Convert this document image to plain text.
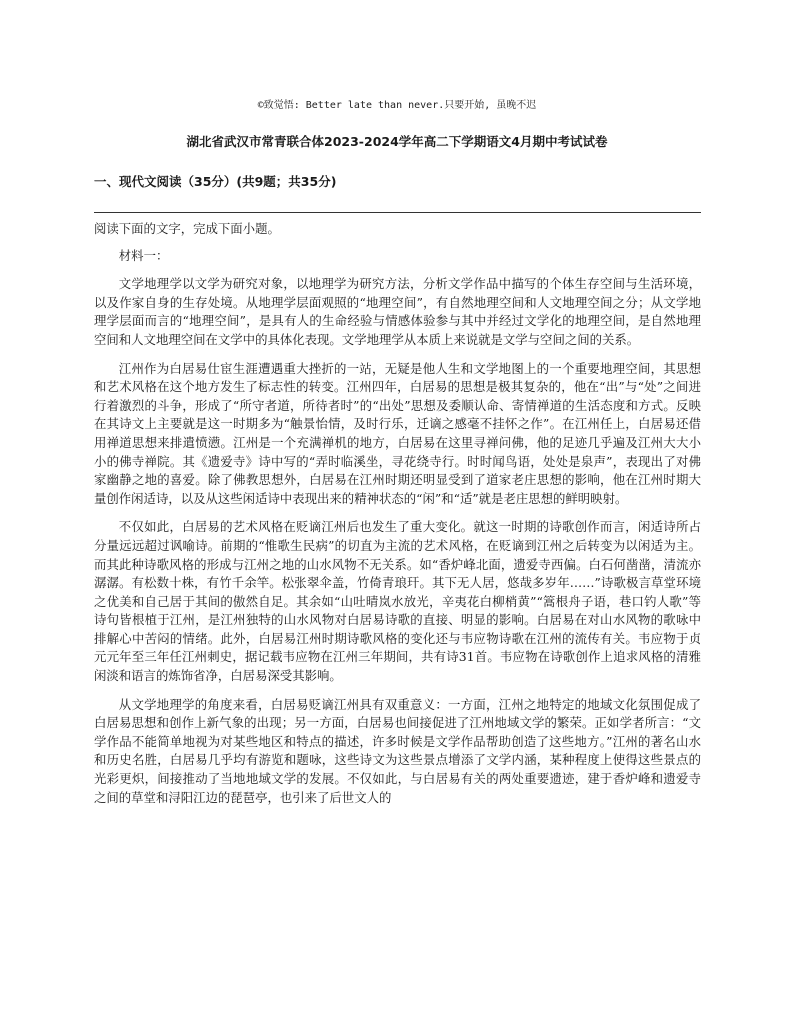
©致觉悟: Better late than never.只要开始, 虽晚不迟
湖北省武汉市常青联合体2023-2024学年高二下学期语文4月期中考试试卷
一、现代文阅读（35分）(共9题；共35分)

阅读下面的文字，完成下面小题。

材料一：

文学地理学以文学为研究对象，以地理学为研究方法，分析文学作品中描写的个体生存空间与生活环境，以及作家自身的生存处境。从地理学层面观照的“地理空间”，有自然地理空间和人文地理空间之分；从文学地理学层面而言的“地理空间”，是具有人的生命经验与情感体验参与其中并经过文学化的地理空间，是自然地理空间和人文地理空间在文学中的具体化表现。文学地理学从本质上来说就是文学与空间之间的关系。

江州作为白居易仕宦生涯遭遇重大挫折的一站，无疑是他人生和文学地图上的一个重要地理空间，其思想和艺术风格在这个地方发生了标志性的转变。江州四年，白居易的思想是极其复杂的，他在“出”与“处”之间进行着激烈的斗争，形成了“所守者道，所待者时”的“出处”思想及委顺认命、寄情禅道的生活态度和方式。反映在其诗文上主要就是这一时期多为“触景怡情，及时行乐，迁谪之感毫不挂怀之作”。在江州任上，白居易还借用禅道思想来排遣愤懑。江州是一个充满禅机的地方，白居易在这里寻禅问佛，他的足迹几乎遍及江州大大小小的佛寺禅院。其《遗爱寺》诗中写的“弄时临溪坐，寻花绕寺行。时时闻鸟语，处处是泉声”，表现出了对佛家幽静之地的喜爱。除了佛教思想外，白居易在江州时期还明显受到了道家老庄思想的影响，他在江州时期大量创作闲适诗，以及从这些闲适诗中表现出来的精神状态的“闲”和“适”就是老庄思想的鲜明映射。

不仅如此，白居易的艺术风格在贬谪江州后也发生了重大变化。就这一时期的诗歌创作而言，闲适诗所占分量远远超过讽喻诗。前期的“惟歌生民病”的切直为主流的艺术风格，在贬谪到江州之后转变为以闲适为主。而其此种诗歌风格的形成与江州之地的山水风物不无关系。如“香炉峰北面，遗爱寺西偏。白石何凿凿，清流亦潺潺。有松数十株，有竹千余竿。松张翠伞盖，竹倚青琅玕。其下无人居，悠哉多岁年……”诗歌极言草堂环境之优美和自己居于其间的傲然自足。其余如“山吐晴岚水放光，辛夷花白柳梢黄”“篙根舟子语，巷口钓人歌”等诗句皆根植于江州，是江州独特的山水风物对白居易诗歌的直接、明显的影响。白居易在对山水风物的歌咏中排解心中苦闷的情绪。此外，白居易江州时期诗歌风格的变化还与韦应物诗歌在江州的流传有关。韦应物于贞元元年至三年任江州刺史，据记载韦应物在江州三年期间，共有诗31首。韦应物在诗歌创作上追求风格的清雅闲淡和语言的炼饰省净，白居易深受其影响。

从文学地理学的角度来看，白居易贬谪江州具有双重意义：一方面，江州之地特定的地域文化氛围促成了白居易思想和创作上新气象的出现；另一方面，白居易也间接促进了江州地域文学的繁荣。正如学者所言：“文学作品不能简单地视为对某些地区和特点的描述，许多时候是文学作品帮助创造了这些地方。”江州的著名山水和历史名胜，白居易几乎均有游览和题咏，这些诗文为这些景点增添了文学内涵，某种程度上使得这些景点的光彩更炽，间接推动了当地地域文学的发展。不仅如此，与白居易有关的两处重要遗迹，建于香炉峰和遗爱寺之间的草堂和浔阳江边的琵琶亭，也引来了后世文人的
